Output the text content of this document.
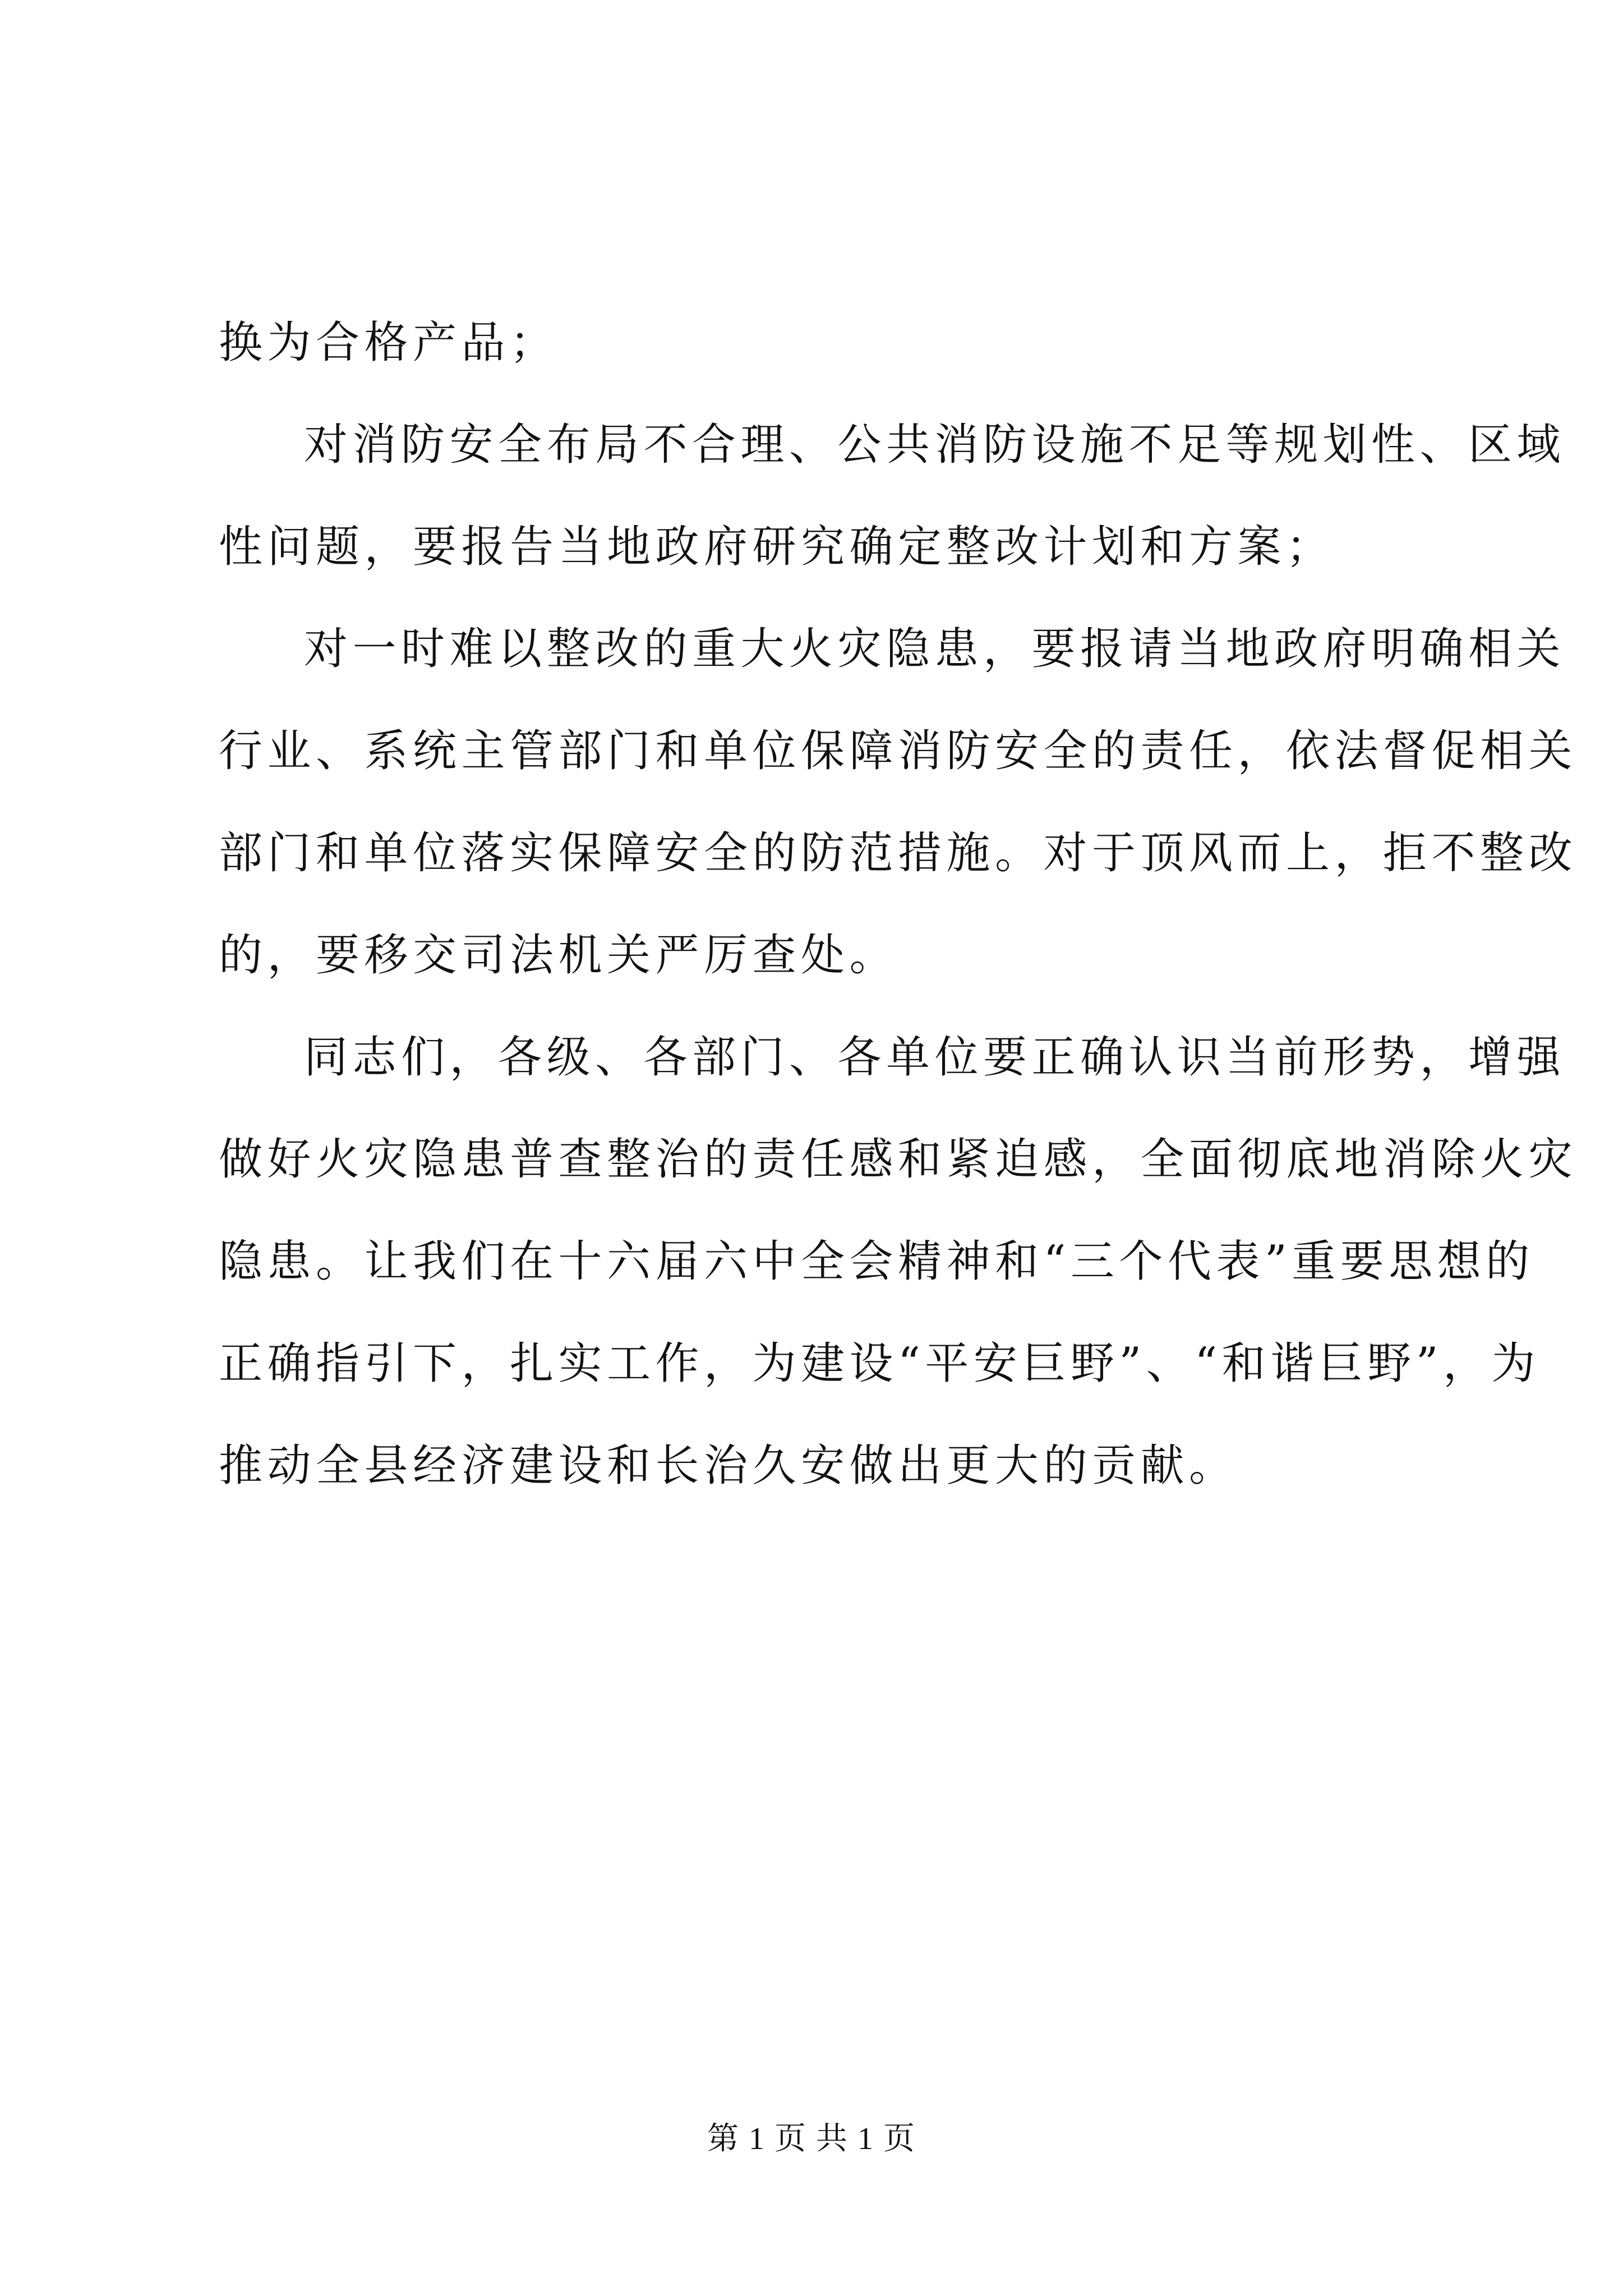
换为合格产品；
对消防安全布局不合理、公共消防设施不足等规划性、区域
性问题，要报告当地政府研究确定整改计划和方案；
对一时难以整改的重大火灾隐患，要报请当地政府明确相关
行业、系统主管部门和单位保障消防安全的责任，依法督促相关
部门和单位落实保障安全的防范措施。对于顶风而上，拒不整改
的，要移交司法机关严厉查处。
同志们，各级、各部门、各单位要正确认识当前形势，增强
做好火灾隐患普查整治的责任感和紧迫感，全面彻底地消除火灾
隐患。让我们在十六届六中全会精神和“三个代表”重要思想的
正确指引下，扎实工作，为建设“平安巨野”、“和谐巨野”，为
推动全县经济建设和长治久安做出更大的贡献。
第 1 页 共 1 页
